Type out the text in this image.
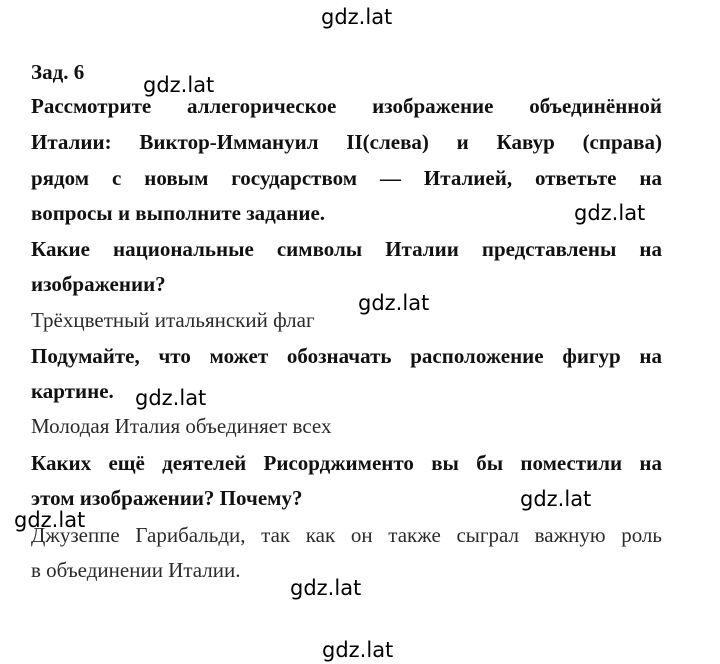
Зад. 6
Рассмотрите аллегорическое изображение объединённой
Италии: Виктор-Иммануил II(слева) и Кавур (справа)
рядом с новым государством — Италией, ответьте на
вопросы и выполните задание.
Какие национальные символы Италии представлены на
изображении?
Трёхцветный итальянский флаг
Подумайте, что может обозначать расположение фигур на
картине.
Молодая Италия объединяет всех
Каких ещё деятелей Рисорджименто вы бы поместили на
этом изображении? Почему?
Джузеппе Гарибальди, так как он также сыграл важную роль
в объединении Италии.
gdz.lat
gdz.lat
gdz.lat
gdz.lat
gdz.lat
gdz.lat
gdz.lat
gdz.lat
gdz.lat
